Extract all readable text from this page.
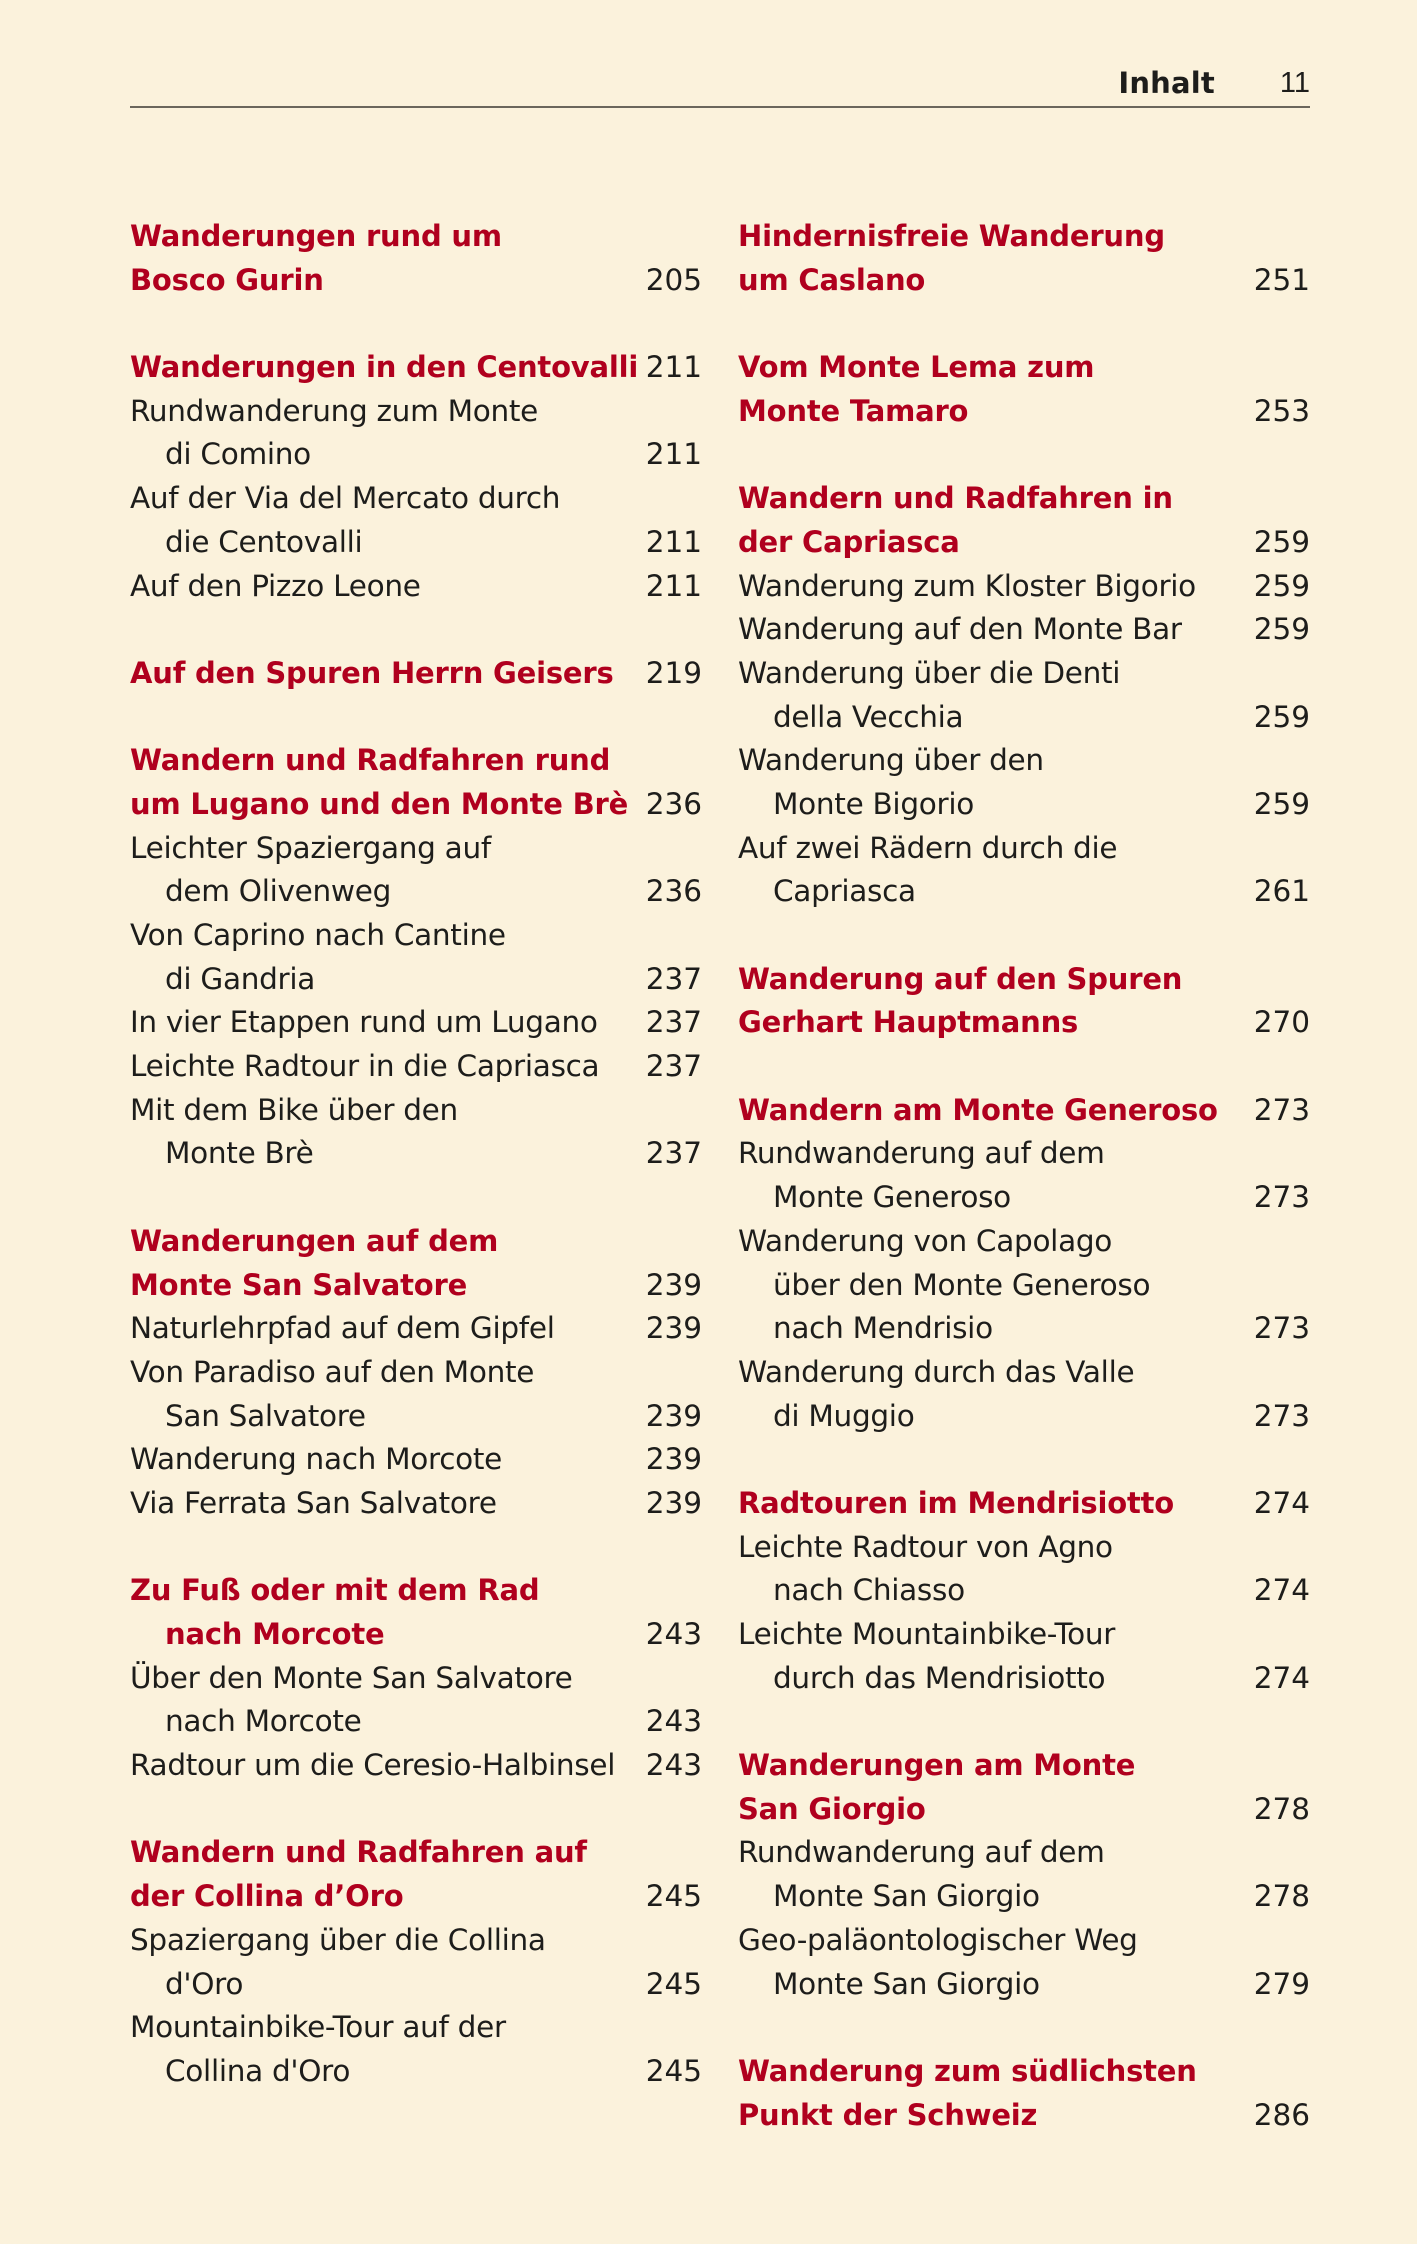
Inhalt 11
Wanderungen rund um
Bosco Gurin	205
Wanderungen in den Centovalli 211
Rundwanderung zum Monte
di Comino	211
Auf der Via del Mercato durch
die Centovalli	211
Auf den Pizzo Leone	211
Auf den Spuren Herrn Geisers 219
Wandern und Radfahren rund
um Lugano und den Monte Brè 236
Leichter Spaziergang auf
dem Olivenweg	236
Von Caprino nach Cantine
di Gandria	237
In vier Etappen rund um Lugano 237
Leichte Radtour in die Capriasca 237
Mit dem Bike über den
Monte Brè	237
Wanderungen auf dem
Monte San Salvatore	239
Naturlehrpfad auf dem Gipfel	239
Von Paradiso auf den Monte
San Salvatore	239
Wanderung nach Morcote	239
Via Ferrata San Salvatore	239
Zu Fuß oder mit dem Rad
nach Morcote	243
Über den Monte San Salvatore
nach Morcote	243
Radtour um die Ceresio-Halbinsel 243
Wandern und Radfahren auf
der Collina d’Oro	245
Spaziergang über die Collina
d'Oro	245
Mountainbike-Tour auf der
Collina d'Oro	245
Hindernisfreie Wanderung
um Caslano	251
Vom Monte Lema zum
Monte Tamaro	253
Wandern und Radfahren in
der Capriasca	259
Wanderung zum Kloster Bigorio 259
Wanderung auf den Monte Bar 259
Wanderung über die Denti
della Vecchia	259
Wanderung über den
Monte Bigorio	259
Auf zwei Rädern durch die
Capriasca	261
Wanderung auf den Spuren
Gerhart Hauptmanns	270
Wandern am Monte Generoso 273
Rundwanderung auf dem
Monte Generoso	273
Wanderung von Capolago
über den Monte Generoso
nach Mendrisio	273
Wanderung durch das Valle
di Muggio	273
Radtouren im Mendrisiotto	274
Leichte Radtour von Agno
nach Chiasso	274
Leichte Mountainbike-Tour
durch das Mendrisiotto	274
Wanderungen am Monte
San Giorgio	278
Rundwanderung auf dem
Monte San Giorgio	278
Geo-paläontologischer Weg
Monte San Giorgio	279
Wanderung zum südlichsten
Punkt der Schweiz	286
